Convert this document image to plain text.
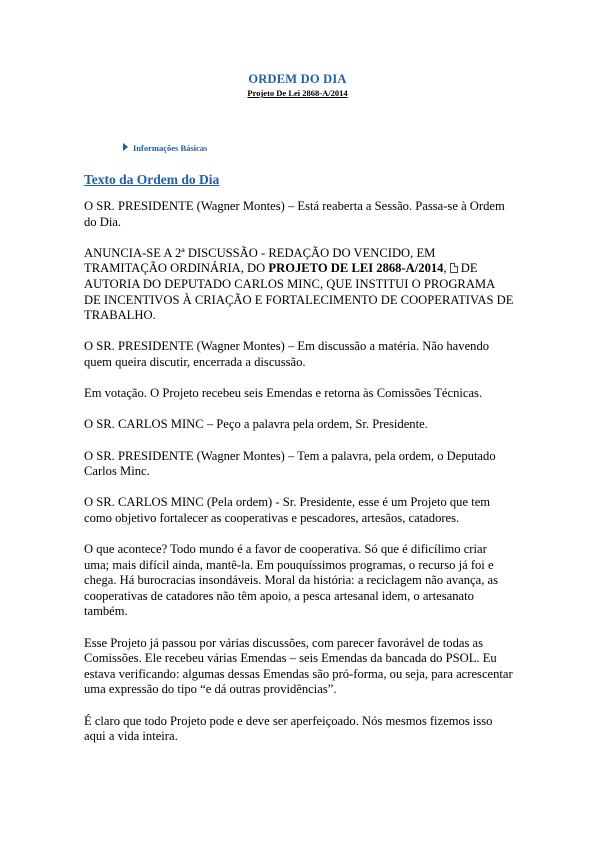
ORDEM DO DIA
Projeto De Lei 2868-A/2014
Informações Básicas
Texto da Ordem do Dia

O SR. PRESIDENTE (Wagner Montes) – Está reaberta a Sessão. Passa-se à Ordem do Dia.

ANUNCIA-SE A 2ª DISCUSSÃO - REDAÇÃO DO VENCIDO, EM TRAMITAÇÃO ORDINÁRIA, DO PROJETO DE LEI 2868-A/2014, DE AUTORIA DO DEPUTADO CARLOS MINC, QUE INSTITUI O PROGRAMA DE INCENTIVOS À CRIAÇÃO E FORTALECIMENTO DE COOPERATIVAS DE TRABALHO.

O SR. PRESIDENTE (Wagner Montes) – Em discussão a matéria. Não havendo quem queira discutir, encerrada a discussão.

Em votação. O Projeto recebeu seis Emendas e retorna às Comissões Técnicas.

O SR. CARLOS MINC – Peço a palavra pela ordem, Sr. Presidente.

O SR. PRESIDENTE (Wagner Montes) – Tem a palavra, pela ordem, o Deputado Carlos Minc.

O SR. CARLOS MINC (Pela ordem) - Sr. Presidente, esse é um Projeto que tem como objetivo fortalecer as cooperativas e pescadores, artesãos, catadores.

O que acontece? Todo mundo é a favor de cooperativa. Só que é dificílimo criar uma; mais difícil ainda, mantê-la. Em pouquíssimos programas, o recurso já foi e chega. Há burocracias insondáveis. Moral da história: a reciclagem não avança, as cooperativas de catadores não têm apoio, a pesca artesanal idem, o artesanato também.

Esse Projeto já passou por várias discussões, com parecer favorável de todas as Comissões. Ele recebeu várias Emendas – seis Emendas da bancada do PSOL. Eu estava verificando: algumas dessas Emendas são pró-forma, ou seja, para acrescentar uma expressão do tipo “e dá outras providências”.

É claro que todo Projeto pode e deve ser aperfeiçoado. Nós mesmos fizemos isso aqui a vida inteira.
